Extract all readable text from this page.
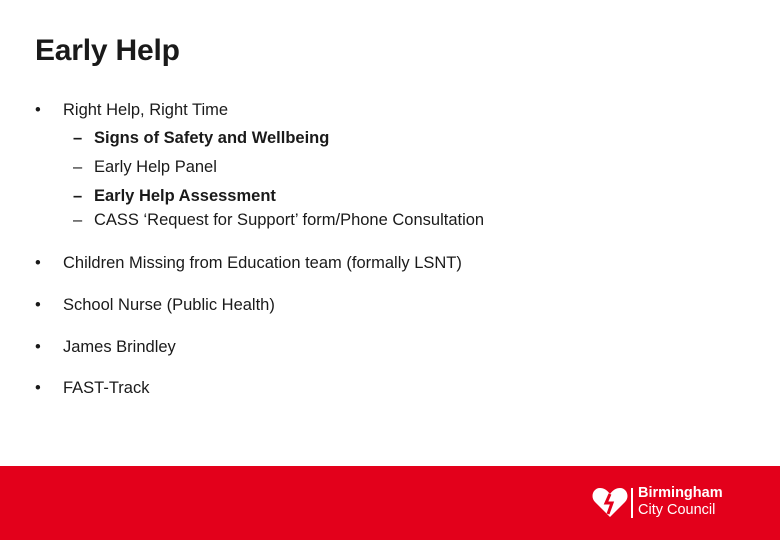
Early Help
• Right Help, Right Time
– Signs of Safety and Wellbeing
– Early Help Panel
– Early Help Assessment
– CASS ‘Request for Support’ form/Phone Consultation
• Children Missing from Education team (formally LSNT)
• School Nurse (Public Health)
• James Brindley
• FAST-Track
Birmingham
City Council
